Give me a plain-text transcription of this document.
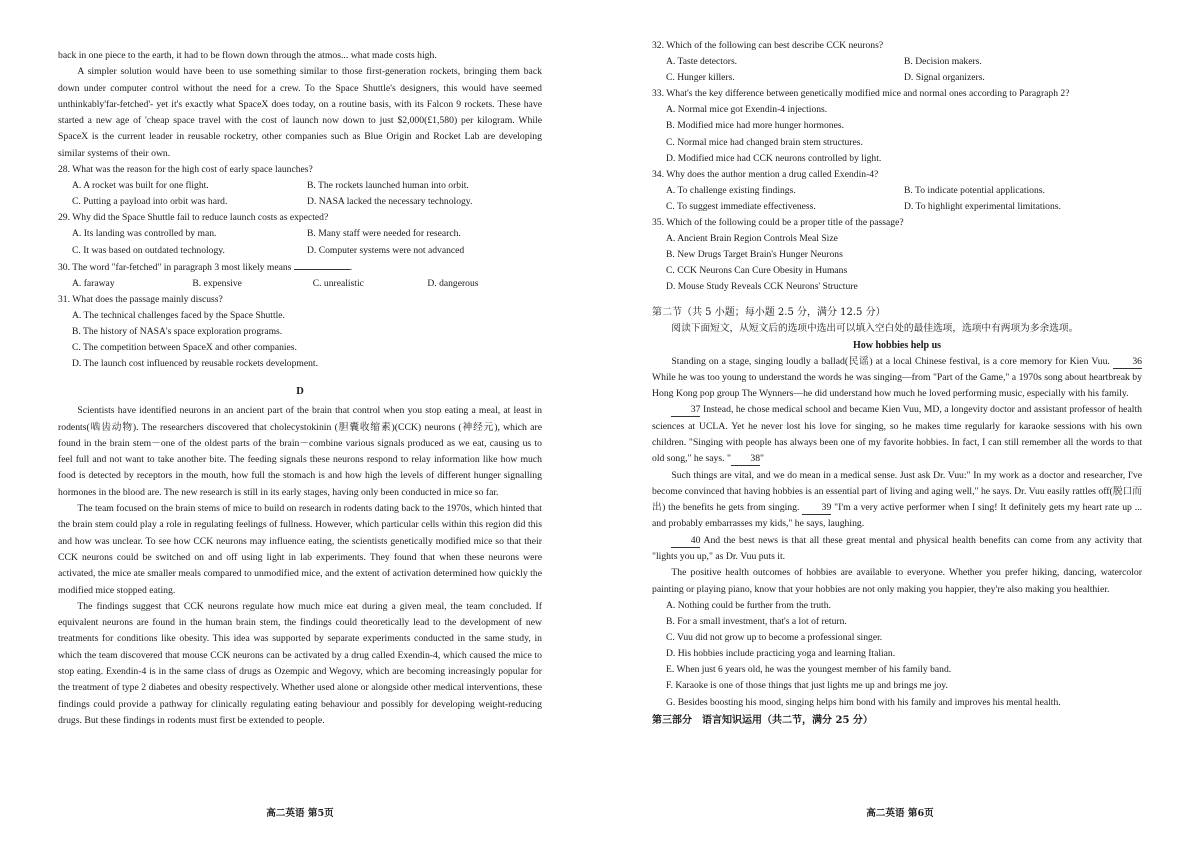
back in one piece to the earth, it had to be flown down through the atmos... what made costs high.

A simpler solution would have been to use something similar to those first-generation rockets, bringing them back down under computer control without the need for a crew. To the Space Shuttle's designers, this would have seemed unthinkably'far-fetched'- yet it's exactly what SpaceX does today, on a routine basis, with its Falcon 9 rockets. These have started a new age of 'cheap space travel with the cost of launch now down to just $2,000(£1,580) per kilogram. While SpaceX is the current leader in reusable rocketry, other companies such as Blue Origin and Rocket Lab are developing similar systems of their own.

28. What was the reason for the high cost of early space launches?

A. A rocket was built for one flight.	B. The rockets launched human into orbit.
C. Putting a payload into orbit was hard.	D. NASA lacked the necessary technology.

29. Why did the Space Shuttle fail to reduce launch costs as expected?

A. Its landing was controlled by man.	B. Many staff were needed for research.
C. It was based on outdated technology.	D. Computer systems were not advanced

30. The word "far-fetched" in paragraph 3 most likely means	.

A. faraway	B. expensive	C. unrealistic	D. dangerous

31. What does the passage mainly discuss?

A. The technical challenges faced by the Space Shuttle.

B. The history of NASA's space exploration programs.

C. The competition between SpaceX and other companies.

D. The launch cost influenced by reusable rockets development.

D

Scientists have identified neurons in an ancient part of the brain that control when you stop eating a meal, at least in rodents(啮齿动物). The researchers discovered that cholecystokinin (胆囊收缩素)(CCK) neurons (神经元), which are found in the brain stem－one of the oldest parts of the brain－combine various signals produced as we eat, causing us to feel full and not want to take another bite. The feeding signals these neurons respond to relay information like how much food is detected by receptors in the mouth, how full the stomach is and how high the levels of different hunger signalling hormones in the blood are. The new research is still in its early stages, having only been conducted in mice so far.

The team focused on the brain stems of mice to build on research in rodents dating back to the 1970s, which hinted that the brain stem could play a role in regulating feelings of fullness. However, which particular cells within this region did this and how was unclear. To see how CCK neurons may influence eating, the scientists genetically modified mice so that their CCK neurons could be switched on and off using light in lab experiments. They found that when these neurons were activated, the mice ate smaller meals compared to unmodified mice, and the extent of activation determined how quickly the modified mice stopped eating.

The findings suggest that CCK neurons regulate how much mice eat during a given meal, the team concluded. If equivalent neurons are found in the human brain stem, the findings could theoretically lead to the development of new treatments for conditions like obesity. This idea was supported by separate experiments conducted in the same study, in which the team discovered that mouse CCK neurons can be activated by a drug called Exendin-4, which caused the mice to stop eating. Exendin-4 is in the same class of drugs as Ozempic and Wegovy, which are becoming increasingly popular for the treatment of type 2 diabetes and obesity respectively. Whether used alone or alongside other medical interventions, these findings could provide a pathway for clinically regulating eating behaviour and possibly for developing weight-reducing drugs. But these findings in rodents must first be extended to people.

高二英语 第5页

32. Which of the following can best describe CCK neurons?

A. Taste detectors.	B. Decision makers.
C. Hunger killers.	D. Signal organizers.

33. What's the key difference between genetically modified mice and normal ones according to Paragraph 2?

A. Normal mice got Exendin-4 injections.

B. Modified mice had more hunger hormones.

C. Normal mice had changed brain stem structures.

D. Modified mice had CCK neurons controlled by light.

34. Why does the author mention a drug called Exendin-4?

A. To challenge existing findings.	B. To indicate potential applications.
C. To suggest immediate effectiveness.	D. To highlight experimental limitations.

35. Which of the following could be a proper title of the passage?

A. Ancient Brain Region Controls Meal Size

B. New Drugs Target Brain's Hunger Neurons

C. CCK Neurons Can Cure Obesity in Humans

D. Mouse Study Reveals CCK Neurons' Structure

第二节（共 5 小题；每小题 2.5 分，满分 12.5 分）

阅读下面短文，从短文后的选项中选出可以填入空白处的最佳选项，选项中有两项为多余选项。

How hobbies help us

Standing on a stage, singing loudly a ballad(民谣) at a local Chinese festival, is a core memory for Kien Vuu. 36 While he was too young to understand the words he was singing—from "Part of the Game," a 1970s song about heartbreak by Hong Kong pop group The Wynners—he did understand how much he loved performing music, especially with his family.

37 Instead, he chose medical school and became Kien Vuu, MD, a longevity doctor and assistant professor of health sciences at UCLA. Yet he never lost his love for singing, so he makes time regularly for karaoke sessions with his own children. "Singing with people has always been one of my favorite hobbies. In fact, I can still remember all the words to that old song," he says. " 38"

Such things are vital, and we do mean in a medical sense. Just ask Dr. Vuu:" In my work as a doctor and researcher, I've become convinced that having hobbies is an essential part of living and aging well," he says. Dr. Vuu easily rattles off(脱口而出) the benefits he gets from singing. 39 "I'm a very active performer when I sing! It definitely gets my heart rate up ... and probably embarrasses my kids," he says, laughing.

40 And the best news is that all these great mental and physical health benefits can come from any activity that "lights you up," as Dr. Vuu puts it.

The positive health outcomes of hobbies are available to everyone. Whether you prefer hiking, dancing, watercolor painting or playing piano, know that your hobbies are not only making you happier, they're also making you healthier.

A. Nothing could be further from the truth.

B. For a small investment, that's a lot of return.

C. Vuu did not grow up to become a professional singer.

D. His hobbies include practicing yoga and learning Italian.

E. When just 6 years old, he was the youngest member of his family band.

F. Karaoke is one of those things that just lights me up and brings me joy.

G. Besides boosting his mood, singing helps him bond with his family and improves his mental health.

第三部分　语言知识运用（共二节，满分 25 分）

高二英语 第6页
